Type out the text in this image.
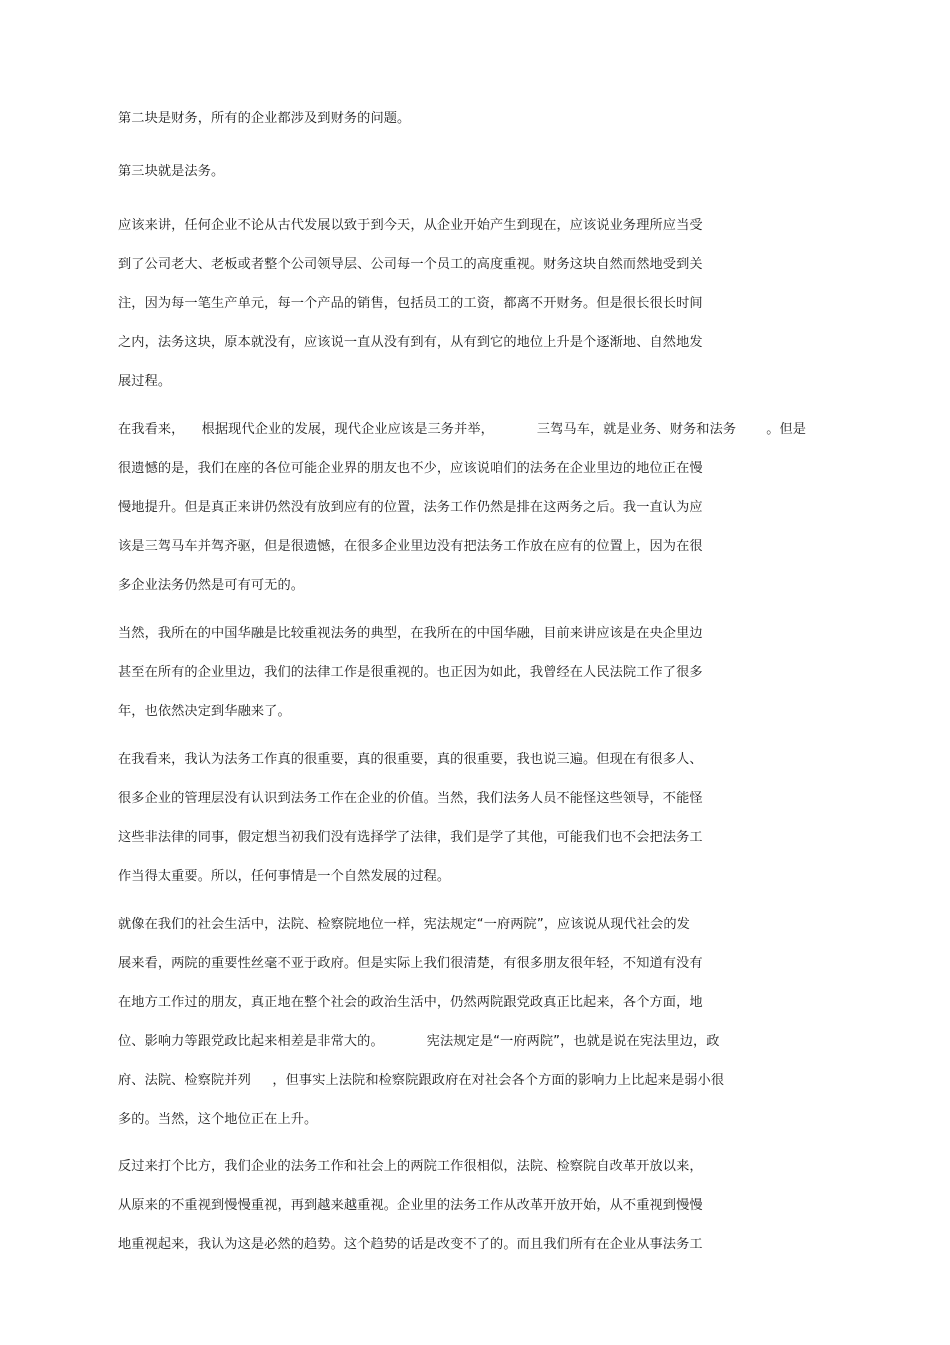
第二块是财务，所有的企业都涉及到财务的问题。
第三块就是法务。
应该来讲，任何企业不论从古代发展以致于到今天，从企业开始产生到现在，应该说业务理所应当受
到了公司老大、老板或者整个公司领导层、公司每一个员工的高度重视。财务这块自然而然地受到关
注，因为每一笔生产单元，每一个产品的销售，包括员工的工资，都离不开财务。但是很长很长时间
之内，法务这块，原本就没有，应该说一直从没有到有，从有到它的地位上升是个逐渐地、自然地发
展过程。
在我看来，    根据现代企业的发展，现代企业应该是三务并举，          三驾马车，就是业务、财务和法务       。但是
很遗憾的是，我们在座的各位可能企业界的朋友也不少，应该说咱们的法务在企业里边的地位正在慢
慢地提升。但是真正来讲仍然没有放到应有的位置，法务工作仍然是排在这两务之后。我一直认为应
该是三驾马车并驾齐驱，但是很遗憾，在很多企业里边没有把法务工作放在应有的位置上，因为在很
多企业法务仍然是可有可无的。
当然，我所在的中国华融是比较重视法务的典型，在我所在的中国华融，目前来讲应该是在央企里边
甚至在所有的企业里边，我们的法律工作是很重视的。也正因为如此，我曾经在人民法院工作了很多
年，也依然决定到华融来了。
在我看来，我认为法务工作真的很重要，真的很重要，真的很重要，我也说三遍。但现在有很多人、
很多企业的管理层没有认识到法务工作在企业的价值。当然，我们法务人员不能怪这些领导，不能怪
这些非法律的同事，假定想当初我们没有选择学了法律，我们是学了其他，可能我们也不会把法务工
作当得太重要。所以，任何事情是一个自然发展的过程。
就像在我们的社会生活中，法院、检察院地位一样，宪法规定“一府两院”，应该说从现代社会的发
展来看，两院的重要性丝毫不亚于政府。但是实际上我们很清楚，有很多朋友很年轻，不知道有没有
在地方工作过的朋友，真正地在整个社会的政治生活中，仍然两院跟党政真正比起来，各个方面，地
位、影响力等跟党政比起来相差是非常大的。          宪法规定是“一府两院”，也就是说在宪法里边，政
府、法院、检察院并列     ，但事实上法院和检察院跟政府在对社会各个方面的影响力上比起来是弱小很
多的。当然，这个地位正在上升。
反过来打个比方，我们企业的法务工作和社会上的两院工作很相似，法院、检察院自改革开放以来，
从原来的不重视到慢慢重视，再到越来越重视。企业里的法务工作从改革开放开始，从不重视到慢慢
地重视起来，我认为这是必然的趋势。这个趋势的话是改变不了的。而且我们所有在企业从事法务工
